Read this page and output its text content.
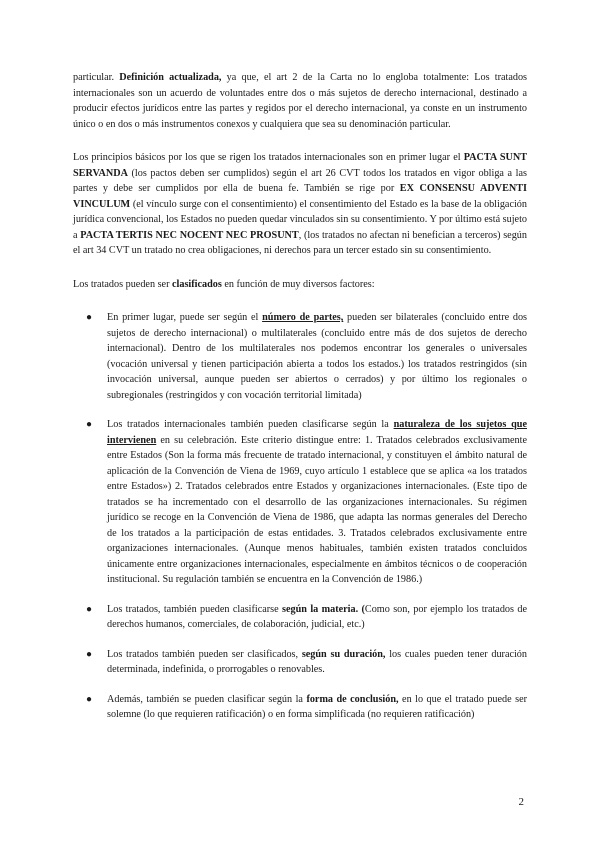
particular. Definición actualizada, ya que, el art 2 de la Carta no lo engloba totalmente: Los tratados internacionales son un acuerdo de voluntades entre dos o más sujetos de derecho internacional, destinado a producir efectos jurídicos entre las partes y regidos por el derecho internacional, ya conste en un instrumento único o en dos o más instrumentos conexos y cualquiera que sea su denominación particular.

Los principios básicos por los que se rigen los tratados internacionales son en primer lugar el PACTA SUNT SERVANDA (los pactos deben ser cumplidos) según el art 26 CVT todos los tratados en vigor obliga a las partes y debe ser cumplidos por ella de buena fe. También se rige por EX CONSENSU ADVENTI VINCULUM (el vínculo surge con el consentimiento) el consentimiento del Estado es la base de la obligación jurídica convencional, los Estados no pueden quedar vinculados sin su consentimiento. Y por último está sujeto a PACTA TERTIS NEC NOCENT NEC PROSUNT, (los tratados no afectan ni benefician a terceros) según el art 34 CVT un tratado no crea obligaciones, ni derechos para un tercer estado sin su consentimiento.

Los tratados pueden ser clasificados en función de muy diversos factores:

● En primer lugar, puede ser según el número de partes, pueden ser bilaterales (concluido entre dos sujetos de derecho internacional) o multilaterales (concluido entre más de dos sujetos de derecho internacional). Dentro de los multilaterales nos podemos encontrar los generales o universales (vocación universal y tienen participación abierta a todos los estados.) los tratados restringidos (sin invocación universal, aunque pueden ser abiertos o cerrados) y por último los regionales o subregionales (restringidos y con vocación territorial limitada)

● Los tratados internacionales también pueden clasificarse según la naturaleza de los sujetos que intervienen en su celebración. Este criterio distingue entre: 1. Tratados celebrados exclusivamente entre Estados (Son la forma más frecuente de tratado internacional, y constituyen el ámbito natural de aplicación de la Convención de Viena de 1969, cuyo artículo 1 establece que se aplica «a los tratados entre Estados») 2. Tratados celebrados entre Estados y organizaciones internacionales. (Este tipo de tratados se ha incrementado con el desarrollo de las organizaciones internacionales. Su régimen jurídico se recoge en la Convención de Viena de 1986, que adapta las normas generales del Derecho de los tratados a la participación de estas entidades. 3. Tratados celebrados exclusivamente entre organizaciones internacionales. (Aunque menos habituales, también existen tratados concluidos únicamente entre organizaciones internacionales, especialmente en ámbitos técnicos o de cooperación institucional. Su regulación también se encuentra en la Convención de 1986.)

● Los tratados, también pueden clasificarse según la materia. (Como son, por ejemplo los tratados de derechos humanos, comerciales, de colaboración, judicial, etc.)

● Los tratados también pueden ser clasificados, según su duración, los cuales pueden tener duración determinada, indefinida, o prorrogables o renovables.

● Además, también se pueden clasificar según la forma de conclusión, en lo que el tratado puede ser solemne (lo que requieren ratificación) o en forma simplificada (no requieren ratificación)

2
